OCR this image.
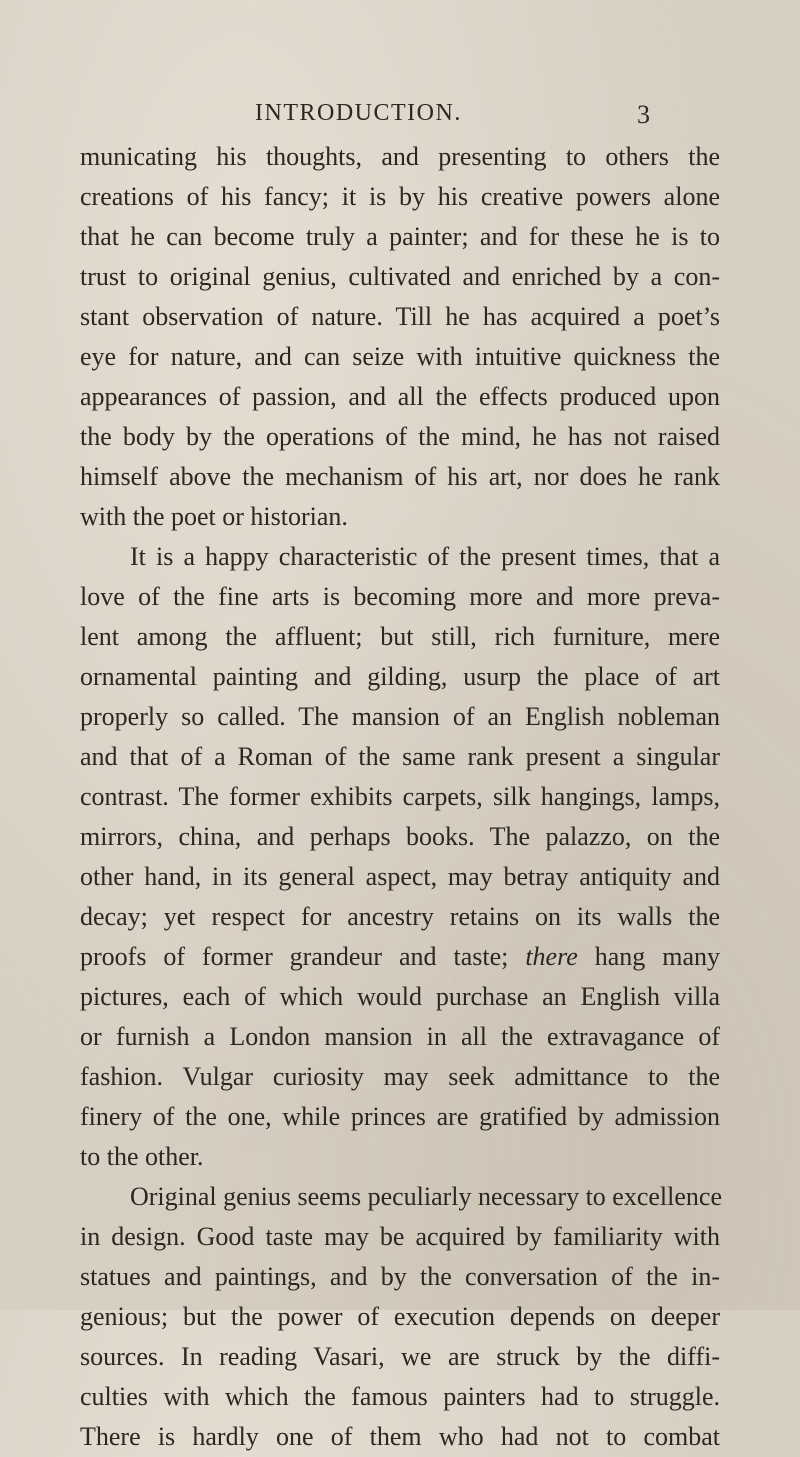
INTRODUCTION.	3
municating his thoughts, and presenting to others the
creations of his fancy; it is by his creative powers alone
that he can become truly a painter; and for these he is to
trust to original genius, cultivated and enriched by a con-
stant observation of nature. Till he has acquired a poet’s
eye for nature, and can seize with intuitive quickness the
appearances of passion, and all the effects produced upon
the body by the operations of the mind, he has not raised
himself above the mechanism of his art, nor does he rank
with the poet or historian.
It is a happy characteristic of the present times, that a
love of the fine arts is becoming more and more preva-
lent among the affluent; but still, rich furniture, mere
ornamental painting and gilding, usurp the place of art
properly so called. The mansion of an English nobleman
and that of a Roman of the same rank present a singular
contrast. The former exhibits carpets, silk hangings, lamps,
mirrors, china, and perhaps books. The palazzo, on the
other hand, in its general aspect, may betray antiquity and
decay; yet respect for ancestry retains on its walls the
proofs of former grandeur and taste; there hang many
pictures, each of which would purchase an English villa
or furnish a London mansion in all the extravagance of
fashion. Vulgar curiosity may seek admittance to the
finery of the one, while princes are gratified by admission
to the other.
Original genius seems peculiarly necessary to excellence
in design. Good taste may be acquired by familiarity with
statues and paintings, and by the conversation of the in-
genious; but the power of execution depends on deeper
sources. In reading Vasari, we are struck by the diffi-
culties with which the famous painters had to struggle.
There is hardly one of them who had not to combat
